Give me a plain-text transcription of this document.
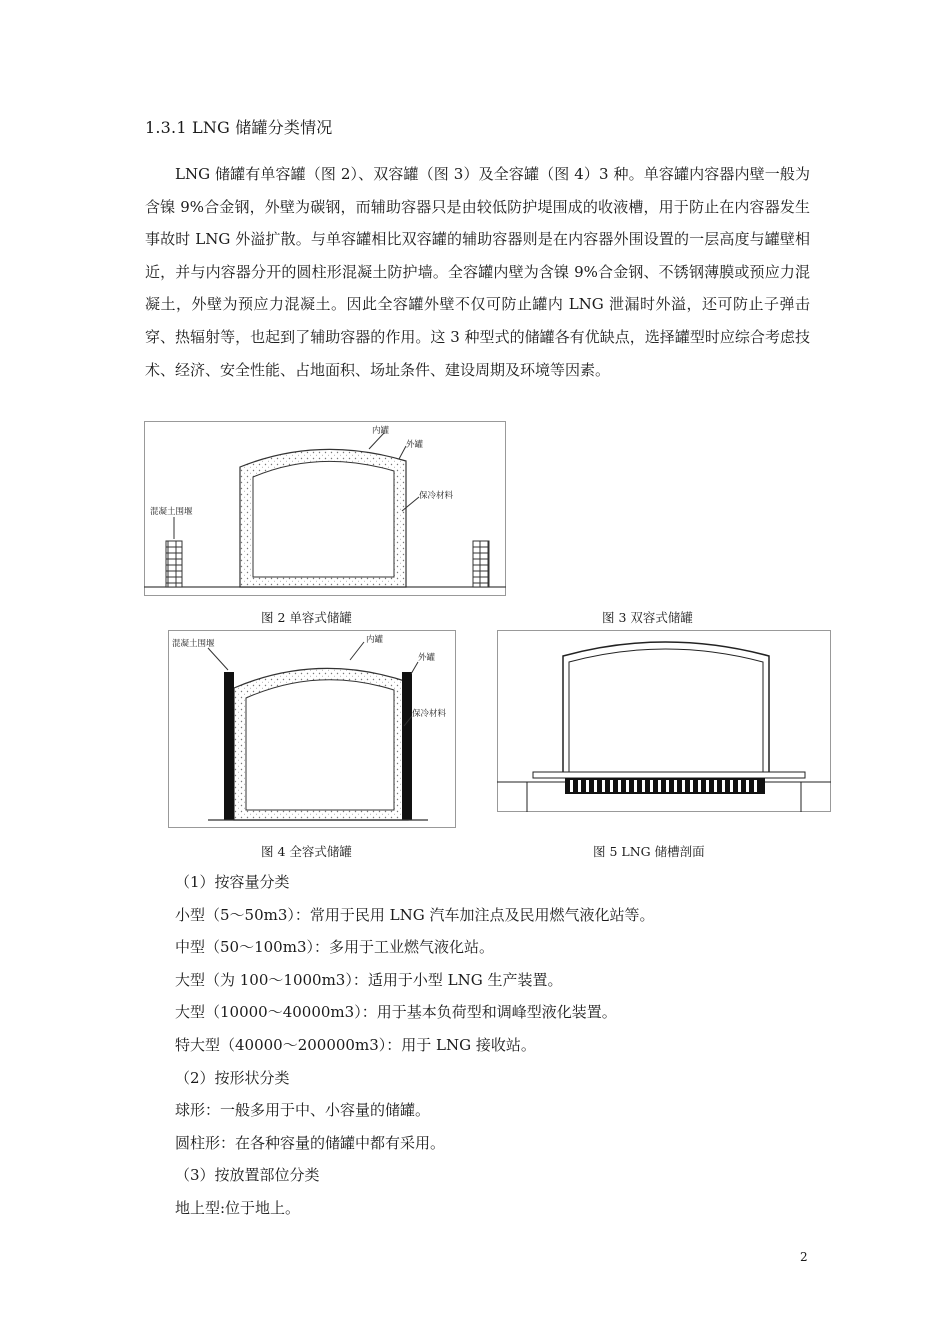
1.3.1 LNG 储罐分类情况
LNG 储罐有单容罐（图 2）、双容罐（图 3）及全容罐（图 4）3 种。单容罐内容器内壁一般为含镍 9%合金钢，外壁为碳钢，而辅助容器只是由较低防护堤围成的收液槽，用于防止在内容器发生事故时 LNG 外溢扩散。与单容罐相比双容罐的辅助容器则是在内容器外围设置的一层高度与罐壁相近，并与内容器分开的圆柱形混凝土防护墙。全容罐内壁为含镍 9%合金钢、不锈钢薄膜或预应力混凝土，外壁为预应力混凝土。因此全容罐外壁不仅可防止罐内 LNG 泄漏时外溢，还可防止子弹击穿、热辐射等，也起到了辅助容器的作用。这 3 种型式的储罐各有优缺点，选择罐型时应综合考虑技术、经济、安全性能、占地面积、场址条件、建设周期及环境等因素。
内罐
外罐
保冷材料
混凝土围堰
图 2 单容式储罐	图 3 双容式储罐
混凝土围堰	内罐
外罐
保冷材料
图 4 全容式储罐	图 5 LNG 储槽剖面
（1）按容量分类
小型（5～50m3）：常用于民用 LNG 汽车加注点及民用燃气液化站等。
中型（50～100m3）：多用于工业燃气液化站。
大型（为 100～1000m3）：适用于小型 LNG 生产装置。
大型（10000～40000m3）：用于基本负荷型和调峰型液化装置。
特大型（40000～200000m3）：用于 LNG 接收站。
（2）按形状分类
球形：一般多用于中、小容量的储罐。
圆柱形：在各种容量的储罐中都有采用。
（3）按放置部位分类
地上型:位于地上。
2
